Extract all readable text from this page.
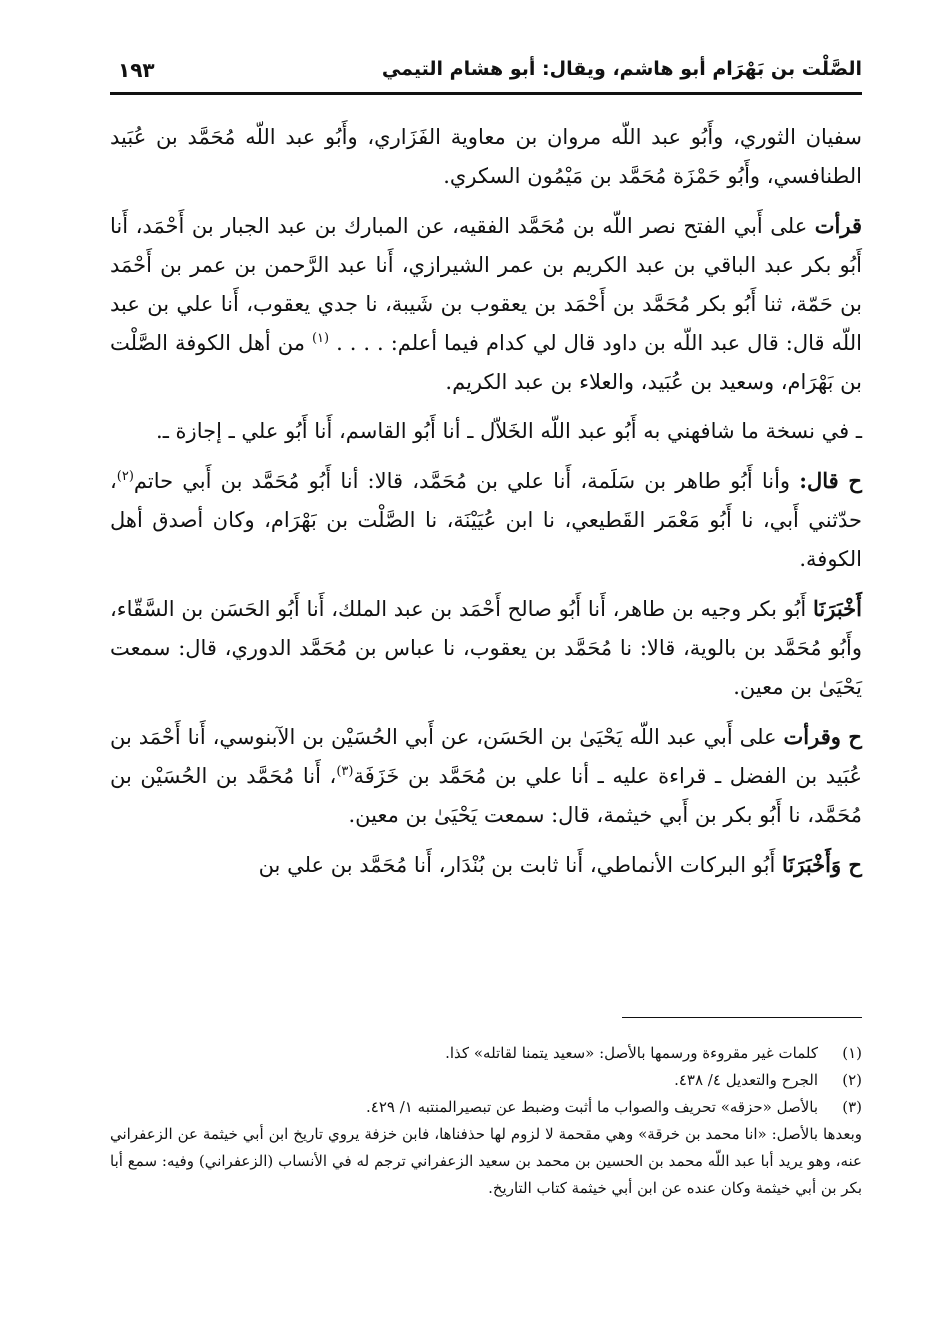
الصَّلْت بن بَهْرَام أبو هاشم، ويقال: أبو هشام التيمي
١٩٣

سفيان الثوري، وأَبُو عبد اللّه مروان بن معاوية الفَزَاري، وأَبُو عبد اللّه مُحَمَّد بن عُبَيد الطنافسي، وأَبُو حَمْزَة مُحَمَّد بن مَيْمُون السكري.

قرأت على أَبي الفتح نصر اللّه بن مُحَمَّد الفقيه، عن المبارك بن عبد الجبار بن أَحْمَد، أَنا أَبُو بكر عبد الباقي بن عبد الكريم بن عمر الشيرازي، أَنا عبد الرَّحمن بن عمر بن أَحْمَد بن حَمّة، ثنا أَبُو بكر مُحَمَّد بن أَحْمَد بن يعقوب بن شَيبة، نا جدي يعقوب، أَنا علي بن عبد اللّه قال: قال عبد اللّه بن داود قال لي كدام فيما أعلم: . . . . $^{(١)}$ من أهل الكوفة الصَّلْت بن بَهْرَام، وسعيد بن عُبَيد، والعلاء بن عبد الكريم.

ـ في نسخة ما شافهني به أَبُو عبد اللّه الخَلاّل ـ أنا أَبُو القاسم، أَنا أَبُو علي ـ إجازة ـ.

ح قال: وأنا أَبُو طاهر بن سَلَمة، أَنا علي بن مُحَمَّد، قالا: أنا أَبُو مُحَمَّد بن أَبي حاتم$^{(٢)}$، حدّثني أَبي، نا أَبُو مَعْمَر القَطيعي، نا ابن عُيَيْنَة، نا الصَّلْت بن بَهْرَام، وكان أصدق أهل الكوفة.

أَخْبَرَنَا أَبُو بكر وجيه بن طاهر، أَنا أَبُو صالح أَحْمَد بن عبد الملك، أَنا أَبُو الحَسَن بن السَّقّاء، وأَبُو مُحَمَّد بن بالوية، قالا: نا مُحَمَّد بن يعقوب، نا عباس بن مُحَمَّد الدوري، قال: سمعت يَحْيَىٰ بن معين.

ح وقرأت على أَبي عبد اللّه يَحْيَىٰ بن الحَسَن، عن أَبي الحُسَيْن بن الآبنوسي، أَنا أَحْمَد بن عُبَيد بن الفضل ـ قراءة عليه ـ أنا علي بن مُحَمَّد بن خَزَفَة$^{(٣)}$، أَنا مُحَمَّد بن الحُسَيْن بن مُحَمَّد، نا أَبُو بكر بن أَبي خيثمة، قال: سمعت يَحْيَىٰ بن معين.

ح وَأَخْبَرَنَا أَبُو البركات الأنماطي، أَنا ثابت بن بُنْدَار، أَنا مُحَمَّد بن علي بن

(١)
كلمات غير مقروءة ورسمها بالأصل: «سعيد يتمنا لقاتله» كذا.
(٢)
الجرح والتعديل ٤/ ٤٣٨.
(٣)
بالأصل «حزقه» تحريف والصواب ما أثبت وضبط عن تبصيرالمنتبه ١/ ٤٢٩.

وبعدها بالأصل: «انا محمد بن خرقة» وهي مقحمة لا لزوم لها حذفناها، فابن خزفة يروي تاريخ ابن أبي خيثمة عن الزعفراني عنه، وهو يريد أبا عبد اللّه محمد بن الحسين بن محمد بن سعيد الزعفراني ترجم له في الأنساب (الزعفراني) وفيه: سمع أبا بكر بن أبي خيثمة وكان عنده عن ابن أبي خيثمة كتاب التاريخ.
